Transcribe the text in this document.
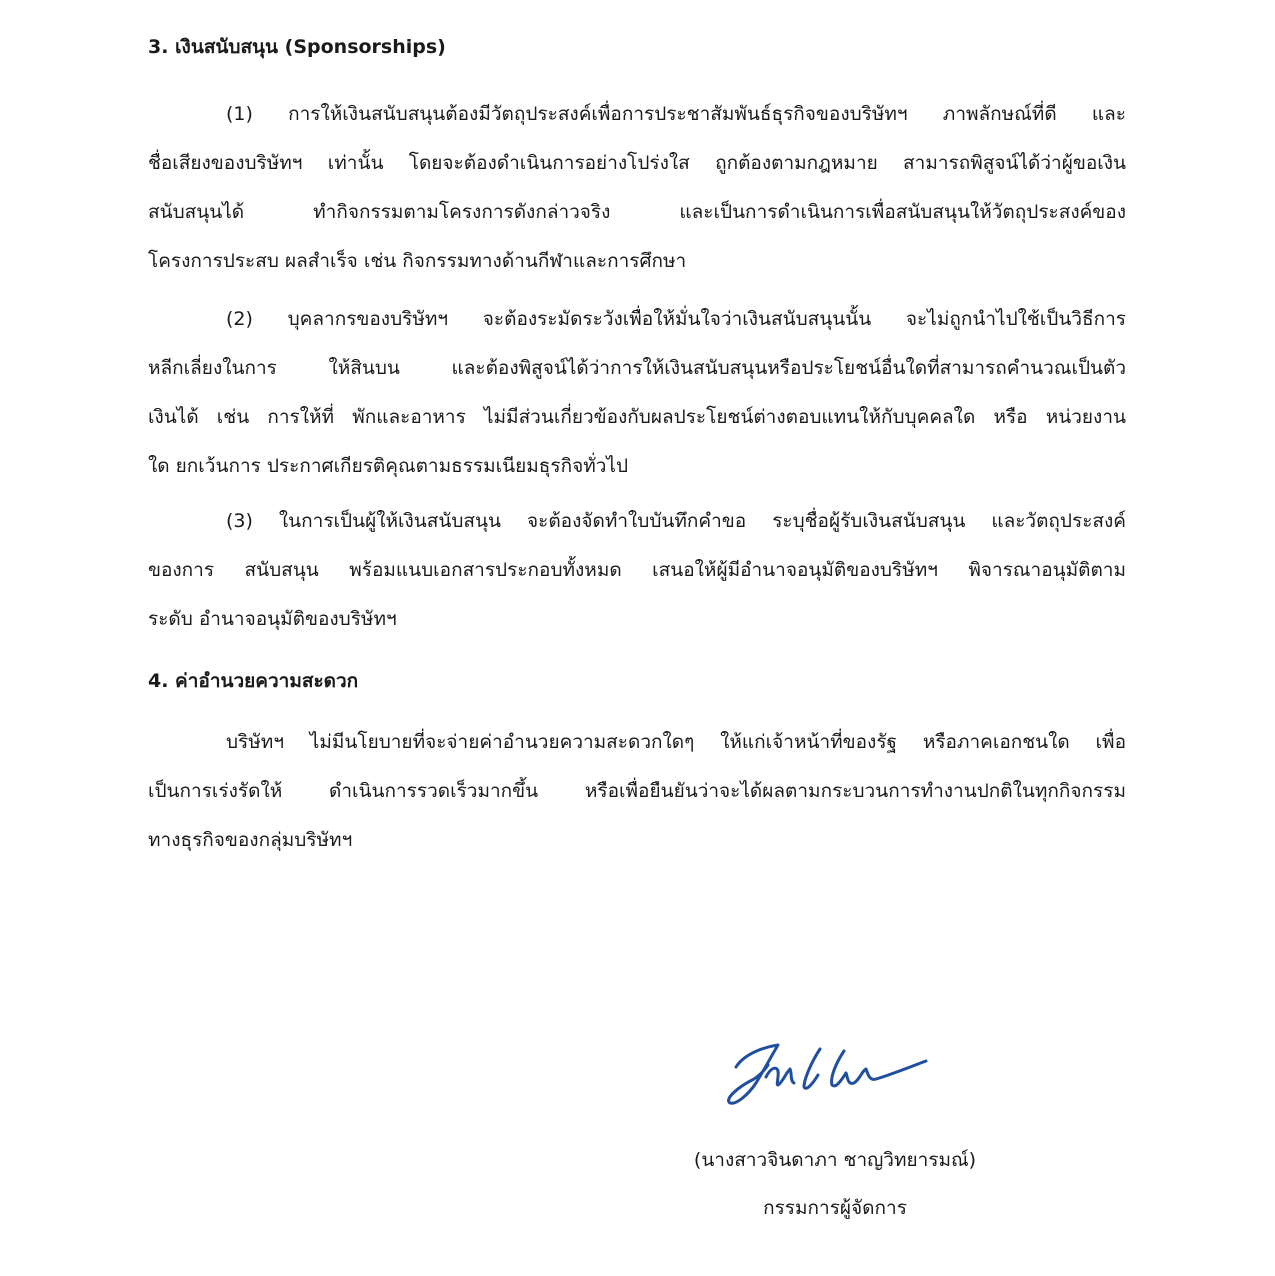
3. เงินสนับสนุน (Sponsorships)
(1) การให้เงินสนับสนุนต้องมีวัตถุประสงค์เพื่อการประชาสัมพันธ์ธุรกิจของบริษัทฯ ภาพลักษณ์ที่ดี และ
ชื่อเสียงของบริษัทฯ เท่านั้น โดยจะต้องดำเนินการอย่างโปร่งใส ถูกต้องตามกฎหมาย สามารถพิสูจน์ได้ว่าผู้ขอเงิน
สนับสนุนได้ ทำกิจกรรมตามโครงการดังกล่าวจริง และเป็นการดำเนินการเพื่อสนับสนุนให้วัตถุประสงค์ของ
โครงการประสบ ผลสำเร็จ เช่น กิจกรรมทางด้านกีฬาและการศึกษา
(2) บุคลากรของบริษัทฯ จะต้องระมัดระวังเพื่อให้มั่นใจว่าเงินสนับสนุนนั้น จะไม่ถูกนำไปใช้เป็นวิธีการ
หลีกเลี่ยงในการ ให้สินบน และต้องพิสูจน์ได้ว่าการให้เงินสนับสนุนหรือประโยชน์อื่นใดที่สามารถคำนวณเป็นตัว
เงินได้ เช่น การให้ที่ พักและอาหาร ไม่มีส่วนเกี่ยวข้องกับผลประโยชน์ต่างตอบแทนให้กับบุคคลใด หรือ หน่วยงาน
ใด ยกเว้นการ ประกาศเกียรติคุณตามธรรมเนียมธุรกิจทั่วไป
(3) ในการเป็นผู้ให้เงินสนับสนุน จะต้องจัดทำใบบันทึกคำขอ ระบุชื่อผู้รับเงินสนับสนุน และวัตถุประสงค์
ของการ สนับสนุน พร้อมแนบเอกสารประกอบทั้งหมด เสนอให้ผู้มีอำนาจอนุมัติของบริษัทฯ พิจารณาอนุมัติตาม
ระดับ อำนาจอนุมัติของบริษัทฯ
4. ค่าอำนวยความสะดวก
บริษัทฯ ไม่มีนโยบายที่จะจ่ายค่าอำนวยความสะดวกใดๆ ให้แก่เจ้าหน้าที่ของรัฐ หรือภาคเอกชนใด เพื่อ
เป็นการเร่งรัดให้ ดำเนินการรวดเร็วมากขึ้น หรือเพื่อยืนยันว่าจะได้ผลตามกระบวนการทำงานปกติในทุกกิจกรรม
ทางธุรกิจของกลุ่มบริษัทฯ
(นางสาวจินดาภา ชาญวิทยารมณ์)
กรรมการผู้จัดการ
